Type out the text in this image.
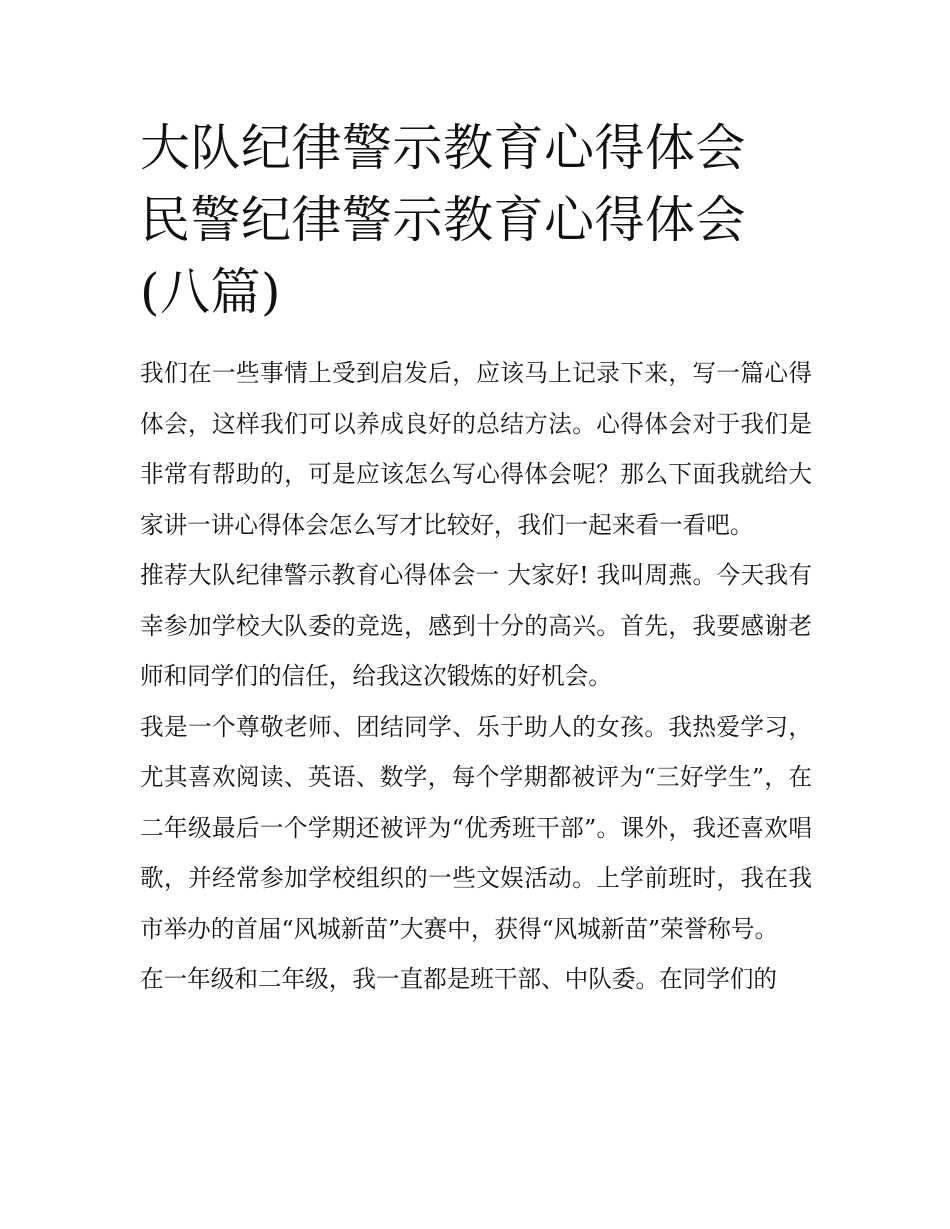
大队纪律警示教育心得体会 民警纪律警示教育心得体会(八篇)

我们在一些事情上受到启发后，应该马上记录下来，写一篇心得体会，这样我们可以养成良好的总结方法。心得体会对于我们是非常有帮助的，可是应该怎么写心得体会呢？那么下面我就给大家讲一讲心得体会怎么写才比较好，我们一起来看一看吧。

推荐大队纪律警示教育心得体会一 大家好! 我叫周燕。今天我有幸参加学校大队委的竞选，感到十分的高兴。首先，我要感谢老师和同学们的信任，给我这次锻炼的好机会。

我是一个尊敬老师、团结同学、乐于助人的女孩。我热爱学习，尤其喜欢阅读、英语、数学，每个学期都被评为“三好学生”，在二年级最后一个学期还被评为“优秀班干部”。课外，我还喜欢唱歌，并经常参加学校组织的一些文娱活动。上学前班时，我在我市举办的首届“风城新苗”大赛中，获得“风城新苗”荣誉称号。

在一年级和二年级，我一直都是班干部、中队委。在同学们的
